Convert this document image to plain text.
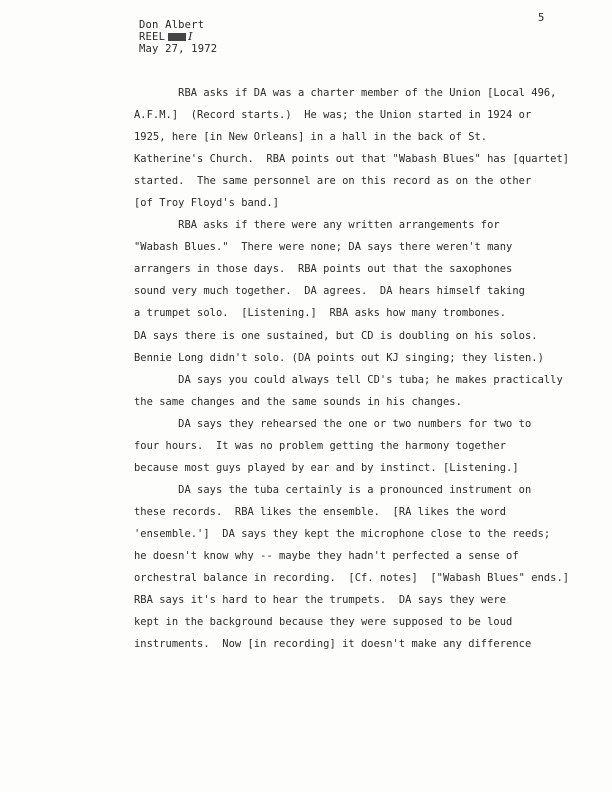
Don Albert
REEL I
May 27, 1972
5
RBA asks if DA was a charter member of the Union [Local 496,
A.F.M.]  (Record starts.)  He was; the Union started in 1924 or
1925, here [in New Orleans] in a hall in the back of St.
Katherine's Church.  RBA points out that "Wabash Blues" has [quartet]
started.  The same personnel are on this record as on the other
[of Troy Floyd's band.]
RBA asks if there were any written arrangements for
"Wabash Blues."  There were none; DA says there weren't many
arrangers in those days.  RBA points out that the saxophones
sound very much together.  DA agrees.  DA hears himself taking
a trumpet solo.  [Listening.]  RBA asks how many trombones.
DA says there is one sustained, but CD is doubling on his solos.
Bennie Long didn't solo. (DA points out KJ singing; they listen.)
DA says you could always tell CD's tuba; he makes practically
the same changes and the same sounds in his changes.
DA says they rehearsed the one or two numbers for two to
four hours.  It was no problem getting the harmony together
because most guys played by ear and by instinct. [Listening.]
DA says the tuba certainly is a pronounced instrument on
these records.  RBA likes the ensemble.  [RA likes the word
'ensemble.']  DA says they kept the microphone close to the reeds;
he doesn't know why -- maybe they hadn't perfected a sense of
orchestral balance in recording.  [Cf. notes]  ["Wabash Blues" ends.]
RBA says it's hard to hear the trumpets.  DA says they were
kept in the background because they were supposed to be loud
instruments.  Now [in recording] it doesn't make any difference
